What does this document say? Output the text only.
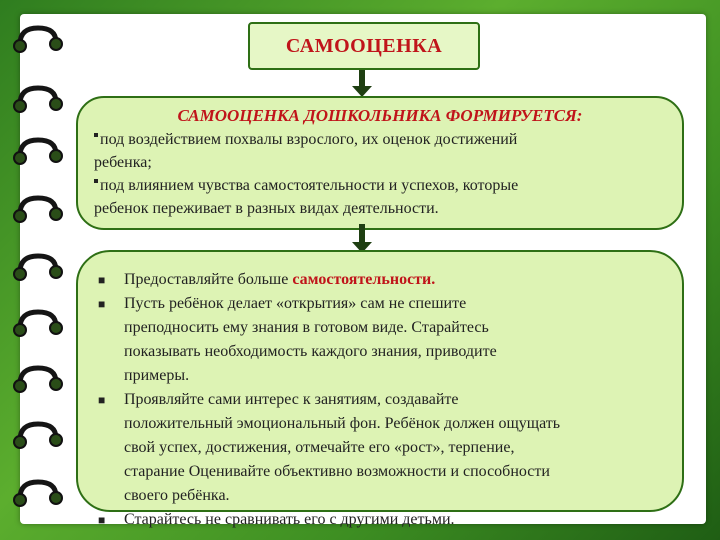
САМООЦЕНКА
САМООЦЕНКА ДОШКОЛЬНИКА ФОРМИРУЕТСЯ:
под воздействием похвалы взрослого, их оценок достижений
ребенка;
под влиянием чувства самостоятельности и успехов, которые
ребенок переживает в разных видах деятельности.
■ Предоставляйте больше самостоятельности.
■ Пусть ребёнок делает «открытия» сам не спешите
преподносить ему знания в готовом виде. Старайтесь
показывать необходимость каждого знания, приводите
примеры.
■ Проявляйте сами интерес к занятиям, создавайте
положительный эмоциональный фон. Ребёнок должен ощущать
свой успех, достижения, отмечайте его «рост», терпение,
старание Оценивайте объективно возможности и способности
своего ребёнка.
■ Старайтесь не сравнивать его с другими детьми.
